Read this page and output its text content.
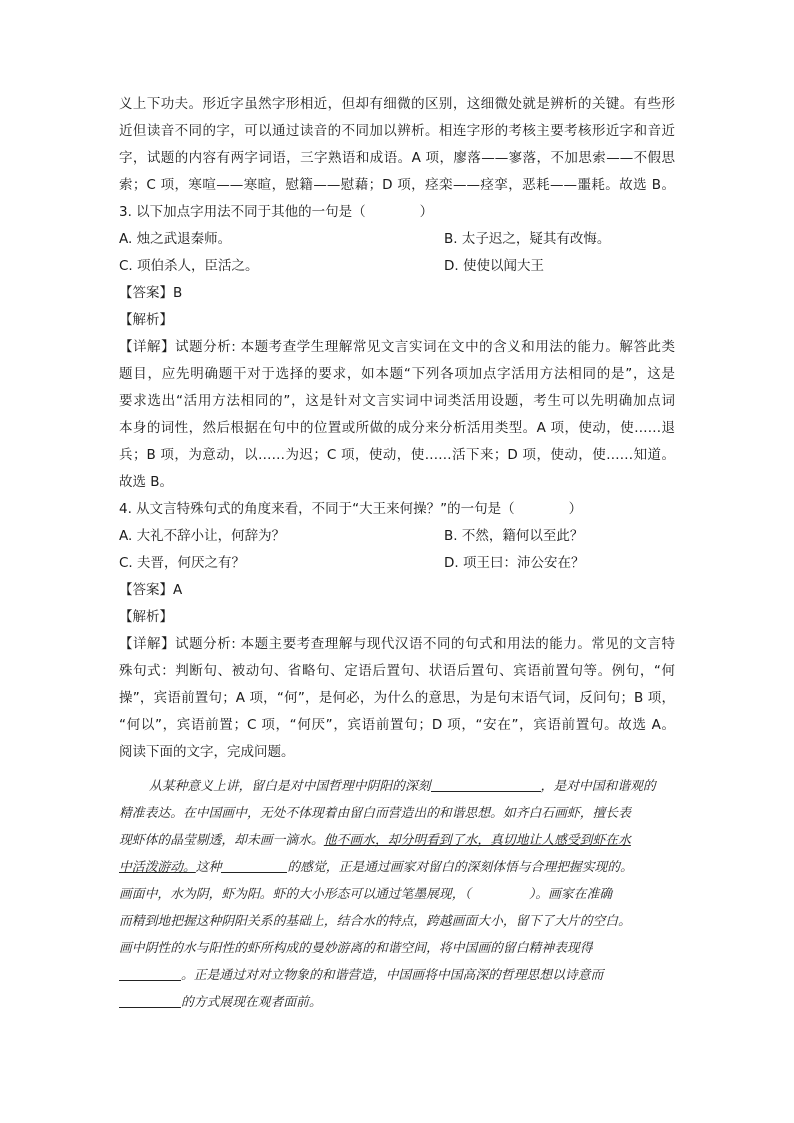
义上下功夫。形近字虽然字形相近，但却有细微的区别，这细微处就是辨析的关键。有些形
近但读音不同的字，可以通过读音的不同加以辨析。相连字形的考核主要考核形近字和音近
字，试题的内容有两字词语，三字熟语和成语。A 项，廖落——寥落，不加思索——不假思
索；C 项，寒喧——寒暄，慰籍——慰藉；D 项，痉栾——痉挛，恶耗——噩耗。故选 B。
3. 以下加点字用法不同于其他的一句是（　　　　）
A. 烛之武退秦师。	B. 太子迟之，疑其有改悔。
C. 项伯杀人，臣活之。	D. 使使以闻大王
【答案】B
【解析】
【详解】试题分析: 本题考查学生理解常见文言实词在文中的含义和用法的能力。解答此类
题目，应先明确题干对于选择的要求，如本题“下列各项加点字活用方法相同的是”，这是
要求选出“活用方法相同的”，这是针对文言实词中词类活用设题，考生可以先明确加点词
本身的词性，然后根据在句中的位置或所做的成分来分析活用类型。A 项，使动，使……退
兵；B 项，为意动，以……为迟；C 项，使动，使……活下来；D 项，使动，使……知道。
故选 B。
4. 从文言特殊句式的角度来看，不同于“大王来何操？”的一句是（　　　　）
A. 大礼不辞小让，何辞为？	B. 不然，籍何以至此？
C. 夫晋，何厌之有？	D. 项王曰：沛公安在？
【答案】A
【解析】
【详解】试题分析: 本题主要考查理解与现代汉语不同的句式和用法的能力。常见的文言特
殊句式：判断句、被动句、省略句、定语后置句、状语后置句、宾语前置句等。例句，“何
操”，宾语前置句；A 项，“何”，是何必，为什么的意思，为是句末语气词，反问句；B 项，
“何以”，宾语前置；C 项，“何厌”，宾语前置句；D 项，“安在”，宾语前置句。故选 A。
阅读下面的文字，完成问题。
从某种意义上讲，留白是对中国哲理中阴阳的深刻	，是对中国和谐观的
精准表达。在中国画中，无处不体现着由留白而营造出的和谐思想。如齐白石画虾，擅长表
现虾体的晶莹剔透，却未画一滴水。他不画水，却分明看到了水，真切地让人感受到虾在水
中活泼游动。这种	的感觉，正是通过画家对留白的深刻体悟与合理把握实现的。
画面中，水为阴，虾为阳。虾的大小形态可以通过笔墨展现，（	）。画家在准确
而精到地把握这种阴阳关系的基础上，结合水的特点，跨越画面大小，留下了大片的空白。
画中阴性的水与阳性的虾所构成的曼妙游离的和谐空间，将中国画的留白精神表现得
。正是通过对对立物象的和谐营造，中国画将中国高深的哲理思想以诗意而
的方式展现在观者面前。
